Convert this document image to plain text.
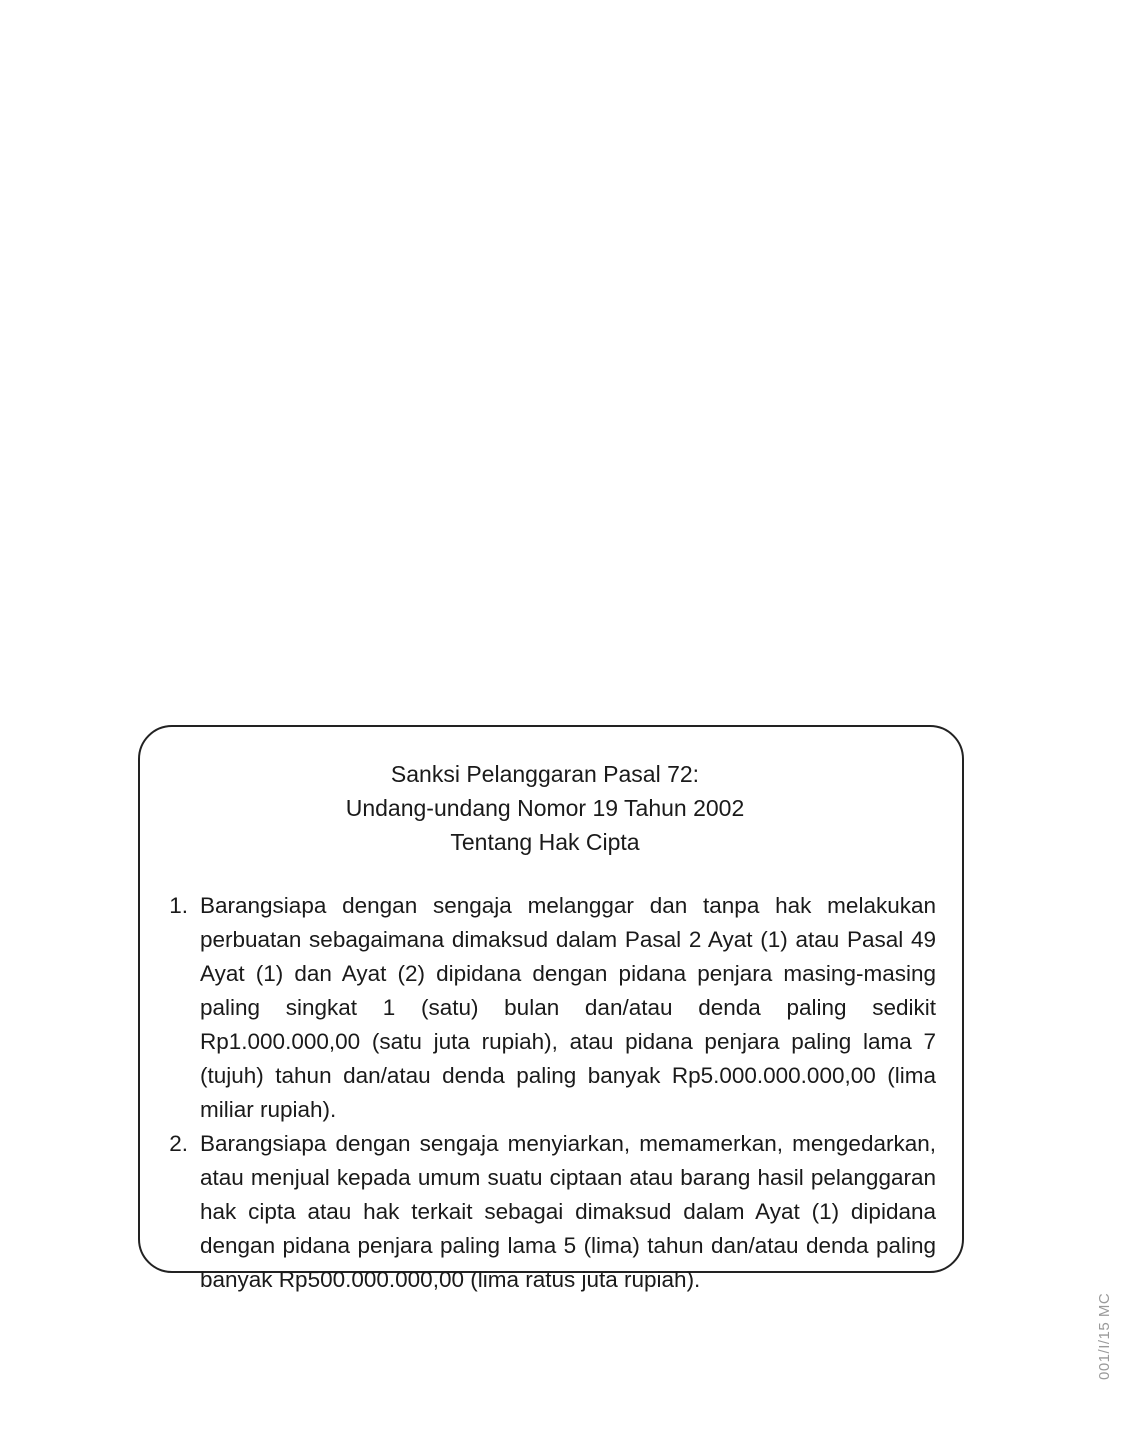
Sanksi Pelanggaran Pasal 72:
Undang-undang Nomor 19 Tahun 2002
Tentang Hak Cipta
1. Barangsiapa dengan sengaja melanggar dan tanpa hak melakukan perbuatan sebagaimana dimaksud dalam Pasal 2 Ayat (1) atau Pasal 49 Ayat (1) dan Ayat (2) dipidana dengan pidana penjara masing-masing paling singkat 1 (satu) bulan dan/atau denda paling sedikit Rp1.000.000,00 (satu juta rupiah), atau pidana penjara paling lama 7 (tujuh) tahun dan/atau denda paling banyak Rp5.000.000.000,00 (lima miliar rupiah).
2. Barangsiapa dengan sengaja menyiarkan, memamerkan, mengedarkan, atau menjual kepada umum suatu ciptaan atau barang hasil pelanggaran hak cipta atau hak terkait sebagai dimaksud dalam Ayat (1) dipidana dengan pidana penjara paling lama 5 (lima) tahun dan/atau denda paling banyak Rp500.000.000,00 (lima ratus juta rupiah).
001/I/15 MC
